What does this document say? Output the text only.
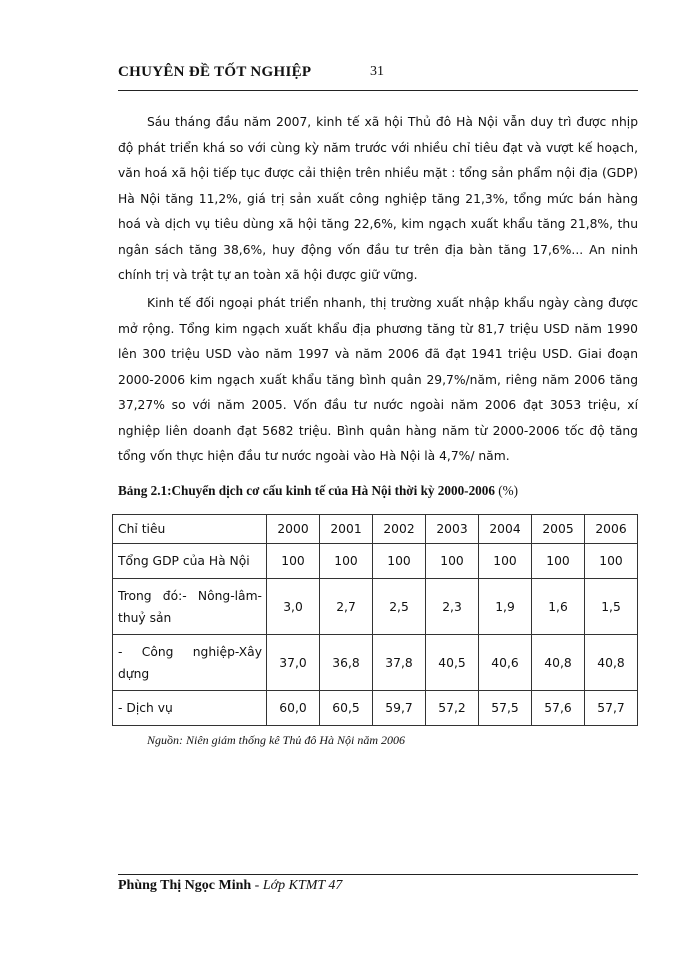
CHUYÊN ĐỀ TỐT NGHIỆP	31

Sáu tháng đầu năm 2007, kinh tế xã hội Thủ đô Hà Nội vẫn duy trì được nhịp độ phát triển khá so với cùng kỳ năm trước với nhiều chỉ tiêu đạt và vượt kế hoạch, văn hoá xã hội tiếp tục được cải thiện trên nhiều mặt : tổng sản phẩm nội địa (GDP) Hà Nội tăng 11,2%, giá trị sản xuất công nghiệp tăng 21,3%, tổng mức bán hàng hoá và dịch vụ tiêu dùng xã hội tăng 22,6%, kim ngạch xuất khẩu tăng 21,8%, thu ngân sách tăng 38,6%, huy động vốn đầu tư trên địa bàn tăng 17,6%... An ninh chính trị và trật tự an toàn xã hội được giữ vững.

Kinh tế đối ngoại phát triển nhanh, thị trường xuất nhập khẩu ngày càng được mở rộng. Tổng kim ngạch xuất khẩu địa phương tăng từ 81,7 triệu USD năm 1990 lên 300 triệu USD vào năm 1997 và năm 2006 đã đạt 1941 triệu USD. Giai đoạn 2000-2006 kim ngạch xuất khẩu tăng bình quân 29,7%/năm, riêng năm 2006 tăng 37,27% so với năm 2005. Vốn đầu tư nước ngoài năm 2006 đạt 3053 triệu, xí nghiệp liên doanh đạt 5682 triệu. Bình quân hàng năm từ 2000-2006 tốc độ tăng tổng vốn thực hiện đầu tư nước ngoài vào Hà Nội là 4,7%/ năm.

Bảng 2.1:Chuyển dịch cơ cấu kinh tế của Hà Nội thời kỳ 2000-2006 (%)
Chỉ tiêu	2000	2001	2002	2003	2004	2005	2006
Tổng GDP của Hà Nội	100	100	100	100	100	100	100
Trong đó:- Nông-lâm-thuỷ sản	3,0	2,7	2,5	2,3	1,9	1,6	1,5
- Công nghiệp-Xây dựng	37,0	36,8	37,8	40,5	40,6	40,8	40,8
- Dịch vụ	60,0	60,5	59,7	57,2	57,5	57,6	57,7
Nguồn: Niên giám thống kê Thủ đô Hà Nội năm 2006
Phùng Thị Ngọc Minh - Lớp KTMT 47
